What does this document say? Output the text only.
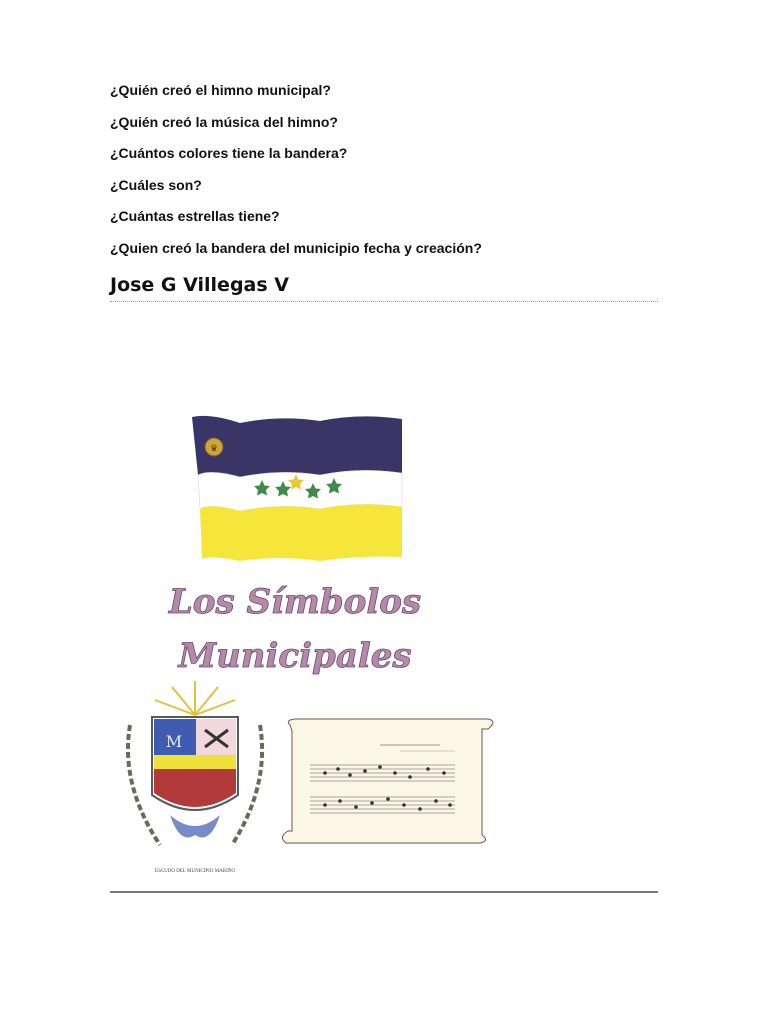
¿Quién creó el himno municipal?
¿Quién creó la música del himno?
¿Cuántos colores tiene la bandera?
¿Cuáles son?
¿Cuántas estrellas tiene?
¿Quien creó la bandera del municipio fecha y creación?
Jose G Villegas V
♛
Los Símbolos
Municipales
M
ESCUDO DEL MUNICIPIO MARIÑO
